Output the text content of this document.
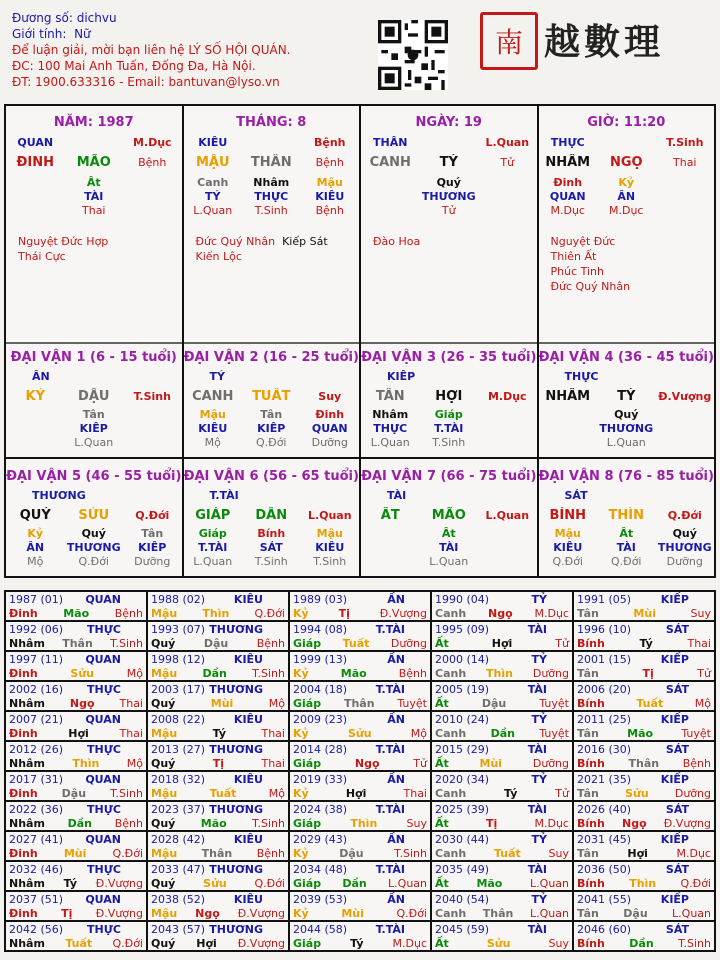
Đương số: dichvu
Giới tính: Nữ
Để luận giải, mời bạn liên hệ LÝ SỐ HỘI QUÁN.
ĐC: 100 Mai Anh Tuấn, Đống Đa, Hà Nội.
ĐT: 1900.633316 - Email: bantuvan@lyso.vn
南 越數理
NĂM: 1987
QUAN	M.Dục
ĐINH	MÃO	Bệnh
Ất
TÀI
Thai
Nguyệt Đức Hợp
Thái Cực
THÁNG: 8
KIÊU	Bệnh
MẬU	THÂN	Bệnh
Canh	Nhâm	Mậu
TỶ	THỰC	KIÊU
L.Quan	T.Sinh	Bệnh
Đức Quý Nhân Kiếp Sát
Kiến Lộc
NGÀY: 19
THÂN	L.Quan
CANH	TÝ	Tử
Quý
THƯƠNG
Tử
Đào Hoa
GIỜ: 11:20
THỰC	T.Sinh
NHÂM	NGỌ	Thai
Đinh	Kỷ
QUAN	ẤN
M.Dục	M.Dục
Nguyệt Đức
Thiên Ất
Phúc Tinh
Đức Quý Nhân
ĐẠI VẬN 1 (6 - 15 tuổi)
ẤN
KỶ	DẬU	T.Sinh
Tân
KIẾP
L.Quan
ĐẠI VẬN 2 (16 - 25 tuổi)
TỶ
CANH	TUẤT	Suy
Mậu	Tân	Đinh
KIÊU	KIẾP	QUAN
Mộ	Q.Đới	Dưỡng
ĐẠI VẬN 3 (26 - 35 tuổi)
KIẾP
TÂN	HỢI	M.Dục
Nhâm	Giáp
THỰC	T.TÀI
L.Quan	T.Sinh
ĐẠI VẬN 4 (36 - 45 tuổi)
THỰC
NHÂM	TÝ	Đ.Vượng
Quý
THƯƠNG
L.Quan
ĐẠI VẬN 5 (46 - 55 tuổi)
THƯƠNG
QUÝ	SỬU	Q.Đới
Kỷ	Quý	Tân
ẤN	THƯƠNG	KIẾP
Mộ	Q.Đới	Dưỡng
ĐẠI VẬN 6 (56 - 65 tuổi)
T.TÀI
GIÁP	DẦN	L.Quan
Giáp	Bính	Mậu
T.TÀI	SÁT	KIÊU
L.Quan	T.Sinh	T.Sinh
ĐẠI VẬN 7 (66 - 75 tuổi)
TÀI
ẤT	MÃO	L.Quan
Ất
TÀI
L.Quan
ĐẠI VẬN 8 (76 - 85 tuổi)
SÁT
BÍNH	THÌN	Q.Đới
Mậu	Ất	Quý
KIÊU	TÀI	THƯƠNG
Q.Đới	Q.Đới	Dưỡng
1987 (01) QUAN
Đinh Mão Bệnh
1988 (02)	KIÊU
Mậu Thìn Q.Đới
1989 (03)	ẤN
Kỷ	Tị	Đ.Vượng
1990 (04)	TỶ
Canh Ngọ M.Dục
1991 (05)	KIẾP
Tân	Mùi	Suy
1992 (06) THỰC
Nhâm Thân T.Sinh
1993 (07) THƯƠNG
Quý	Dậu	Bệnh
1994 (08)	T.TÀI
Giáp Tuất Dưỡng
1995 (09)	TÀI
Ất	Hợi	Tử
1996 (10)	SÁT
Bính	Tý	Thai
1997 (11) QUAN
Đinh	Sửu	Mộ
1998 (12)	KIÊU
Mậu Dần T.Sinh
1999 (13)	ẤN
Kỷ	Mão	Bệnh
2000 (14)	TỶ
Canh Thìn Dưỡng
2001 (15)	KIẾP
Tân	Tị	Tử
2002 (16) THỰC
Nhâm Ngọ Thai
2003 (17) THƯƠNG
Quý	Mùi	Mộ
2004 (18)	T.TÀI
Giáp Thân Tuyệt
2005 (19)	TÀI
Ất	Dậu	Tuyệt
2006 (20)	SÁT
Bính	Tuất	Mộ
2007 (21) QUAN
Đinh	Hợi	Thai
2008 (22)	KIÊU
Mậu	Tý	Thai
2009 (23)	ẤN
Kỷ	Sửu	Mộ
2010 (24)	TỶ
Canh Dần Tuyệt
2011 (25)	KIẾP
Tân	Mão	Tuyệt
2012 (26) THỰC
Nhâm Thìn Mộ
2013 (27) THƯƠNG
Quý	Tị	Thai
2014 (28)	T.TÀI
Giáp	Ngọ	Tử
2015 (29)	TÀI
Ất	Mùi	Dưỡng
2016 (30)	SÁT
Bính Thân Bệnh
2017 (31) QUAN
Đinh Dậu T.Sinh
2018 (32)	KIÊU
Mậu	Tuất	Mộ
2019 (33)	ẤN
Kỷ	Hợi	Thai
2020 (34)	TỶ
Canh	Tý	Tử
2021 (35)	KIẾP
Tân Sửu Dưỡng
2022 (36) THỰC
Nhâm Dần Bệnh
2023 (37) THƯƠNG
Quý Mão T.Sinh
2024 (38)	T.TÀI
Giáp	Thìn	Suy
2025 (39)	TÀI
Ất	Tị	M.Dục
2026 (40)	SÁT
Bính Ngọ Đ.Vượng
2027 (41) QUAN
Đinh Mùi Q.Đới
2028 (42)	KIÊU
Mậu Thân Bệnh
2029 (43)	ẤN
Kỷ	Dậu	T.Sinh
2030 (44)	TỶ
Canh	Tuất	Suy
2031 (45)	KIẾP
Tân	Hợi	M.Dục
2032 (46) THỰC
Nhâm Tý Đ.Vượng
2033 (47) THƯƠNG
Quý	Sửu	Q.Đới
2034 (48)	T.TÀI
Giáp Dần L.Quan
2035 (49)	TÀI
Ất	Mão	L.Quan
2036 (50)	SÁT
Bính Thìn Q.Đới
2037 (51) QUAN
Đinh Tị Đ.Vượng
2038 (52)	KIÊU
Mậu Ngọ Đ.Vượng
2039 (53)	ẤN
Kỷ	Mùi	Q.Đới
2040 (54)	TỶ
Canh Thân L.Quan
2041 (55)	KIẾP
Tân Dậu L.Quan
2042 (56) THỰC
Nhâm Tuất Q.Đới
2043 (57) THƯƠNG
Quý Hợi Đ.Vượng
2044 (58)	T.TÀI
Giáp	Tý	M.Dục
2045 (59)	TÀI
Ất	Sửu	Suy
2046 (60)	SÁT
Bính Dần T.Sinh
